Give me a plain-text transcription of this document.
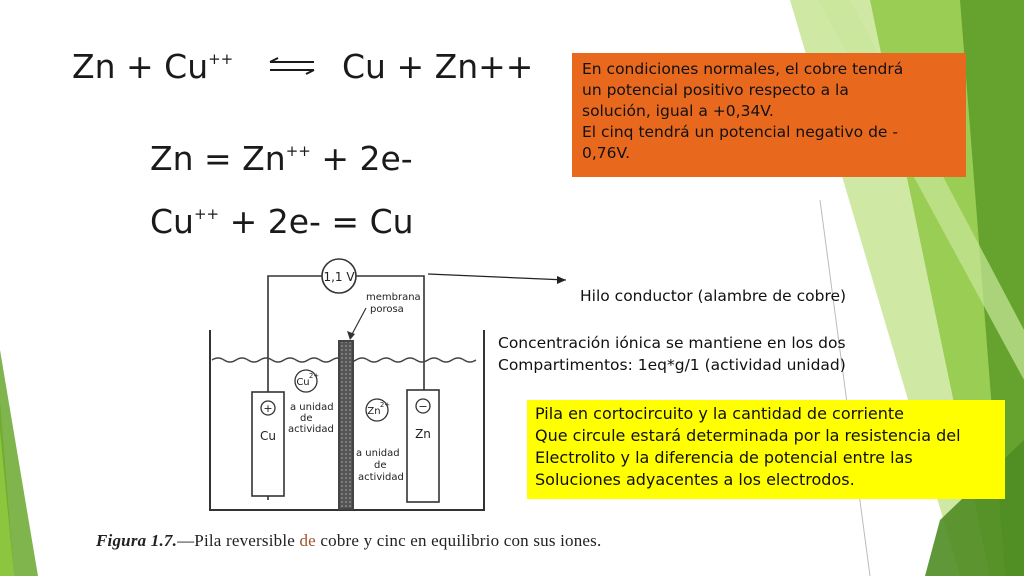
Zn + Cu++ ⇌ Cu + Zn++
Zn = Zn++ + 2e-
Cu++ + 2e- = Cu

En condiciones normales, el cobre tendrá

un potencial positivo respecto a la

solución, igual a +0,34V.

El cinq tendrá un potencial negativo de -

0,76V.

Hilo conductor (alambre de cobre)

Concentración iónica se mantiene en los dos

Compartimentos: 1eq*g/1 (actividad unidad)

Pila en cortocircuito y la cantidad de corriente

Que circule estará determinada por la resistencia del

Electrolito y la diferencia de potencial entre las

Soluciones adyacentes a los electrodos.

1,1 V
membrana
porosa
+
Cu
−
Zn
Cu
2+
a unidad
de
actividad
Zn
2+
a unidad
de
actividad
Figura 1.7.—Pila reversible de cobre y cinc en equilibrio con sus iones.
